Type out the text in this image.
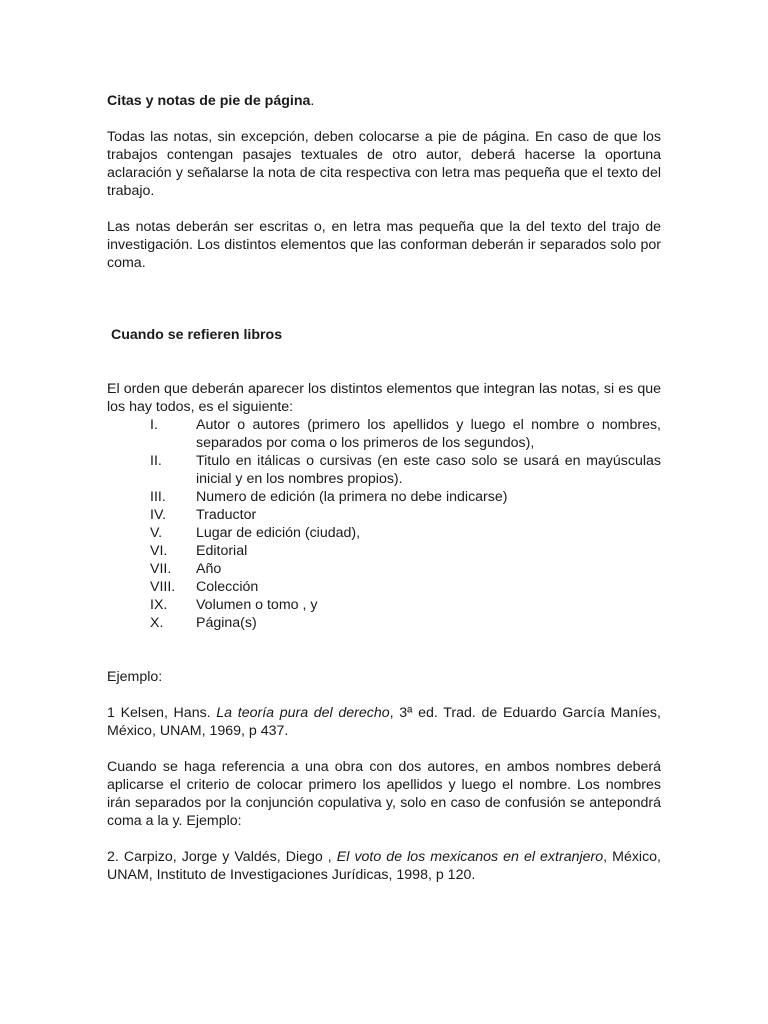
Citas y notas de pie de página.

Todas las notas, sin excepción, deben colocarse a pie de página. En caso de que los trabajos contengan pasajes textuales de otro autor, deberá hacerse la oportuna aclaración y señalarse la nota de cita respectiva con letra mas pequeña que el texto del trabajo.

Las notas deberán ser escritas o, en letra mas pequeña que la del texto del trajo de investigación. Los distintos elementos que las conforman deberán ir separados solo por coma.

Cuando se refieren libros

El orden que deberán aparecer los distintos elementos que integran las notas, si es que los hay todos, es el siguiente:

I.	Autor o autores (primero los apellidos y luego el nombre o nombres, separados por coma o los primeros de los segundos),
II.	Titulo en itálicas o cursivas (en este caso solo se usará en mayúsculas inicial y en los nombres propios).
III.	Numero de edición (la primera no debe indicarse)
IV.	Traductor
V.	Lugar de edición (ciudad),
VI.	Editorial
VII.	Año
VIII.	Colección
IX.	Volumen o tomo , y
X.	Página(s)

Ejemplo:

1 Kelsen, Hans. La teoría pura del derecho, 3ª ed. Trad. de Eduardo García Maníes, México, UNAM, 1969, p 437.

Cuando se haga referencia a una obra con dos autores, en ambos nombres deberá aplicarse el criterio de colocar primero los apellidos y luego el nombre. Los nombres irán separados por la conjunción copulativa y, solo en caso de confusión se antepondrá coma a la y. Ejemplo:

2. Carpizo, Jorge y Valdés, Diego , El voto de los mexicanos en el extranjero, México, UNAM, Instituto de Investigaciones Jurídicas, 1998, p 120.
